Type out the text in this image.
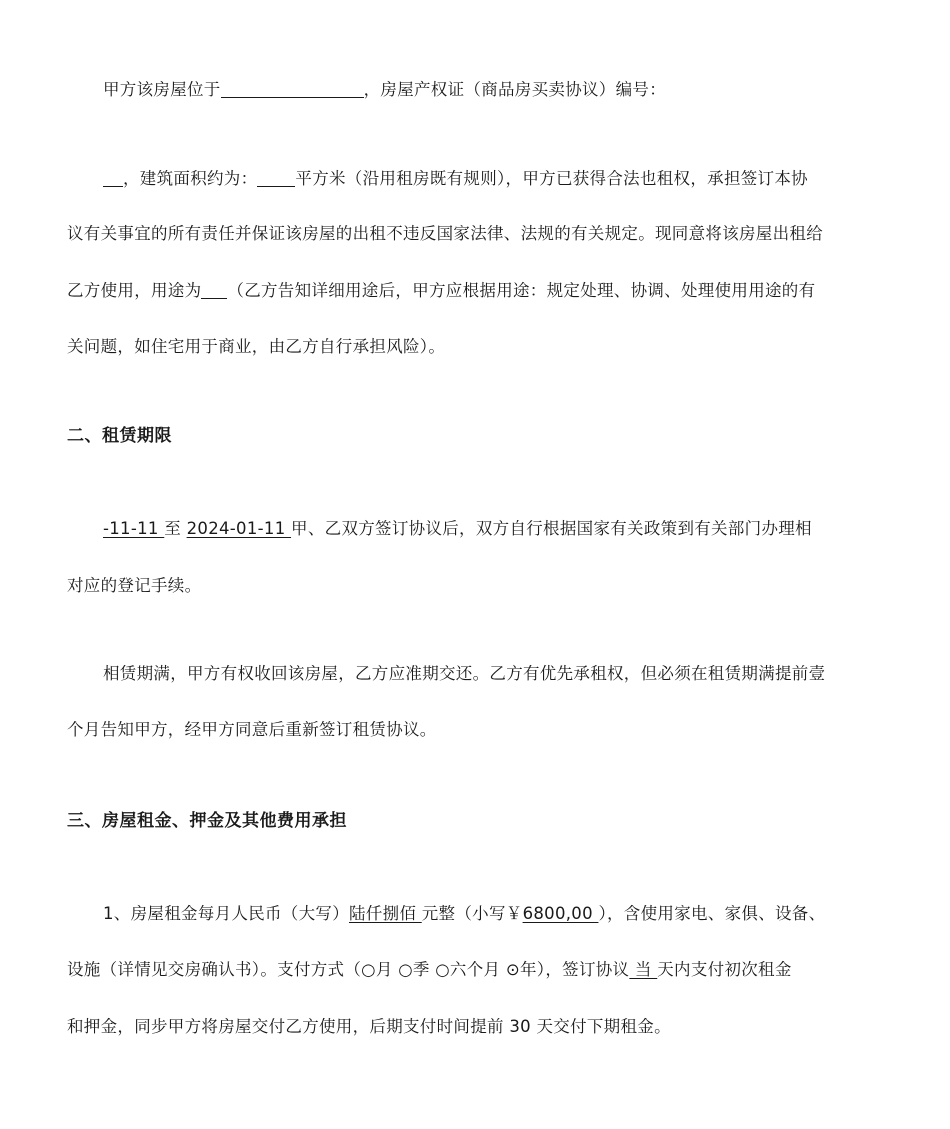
甲方该房屋位于	，房屋产权证（商品房买卖协议）编号：
，建筑面积约为： 平方米（沿用租房既有规则），甲方已获得合法也租权，承担签订本协
议有关事宜的所有责任并保证该房屋的出租不违反国家法律、法规的有关规定。现同意将该房屋出租给
乙方使用，用途为 （乙方告知详细用途后，甲方应根据用途：规定处理、协调、处理使用用途的有
关问题，如住宅用于商业，由乙方自行承担风险）。
二、租赁期限
-11-11 至 2024-01-11 甲、乙双方签订协议后，双方自行根据国家有关政策到有关部门办理相
对应的登记手续。
相赁期满，甲方有权收回该房屋，乙方应准期交还。乙方有优先承租权，但必须在租赁期满提前壹
个月告知甲方，经甲方同意后重新签订租赁协议。
三、房屋租金、押金及其他费用承担
1、房屋租金每月人民币（大写）陆仟捌佰 元整（小写￥6800,00 ），含使用家电、家俱、设备、
设施（详情见交房确认书）。支付方式（○月 ○季 ○六个月 ⊙年），签订协议 当 天内支付初次租金
和押金，同步甲方将房屋交付乙方使用，后期支付时间提前 30 天交付下期租金。
